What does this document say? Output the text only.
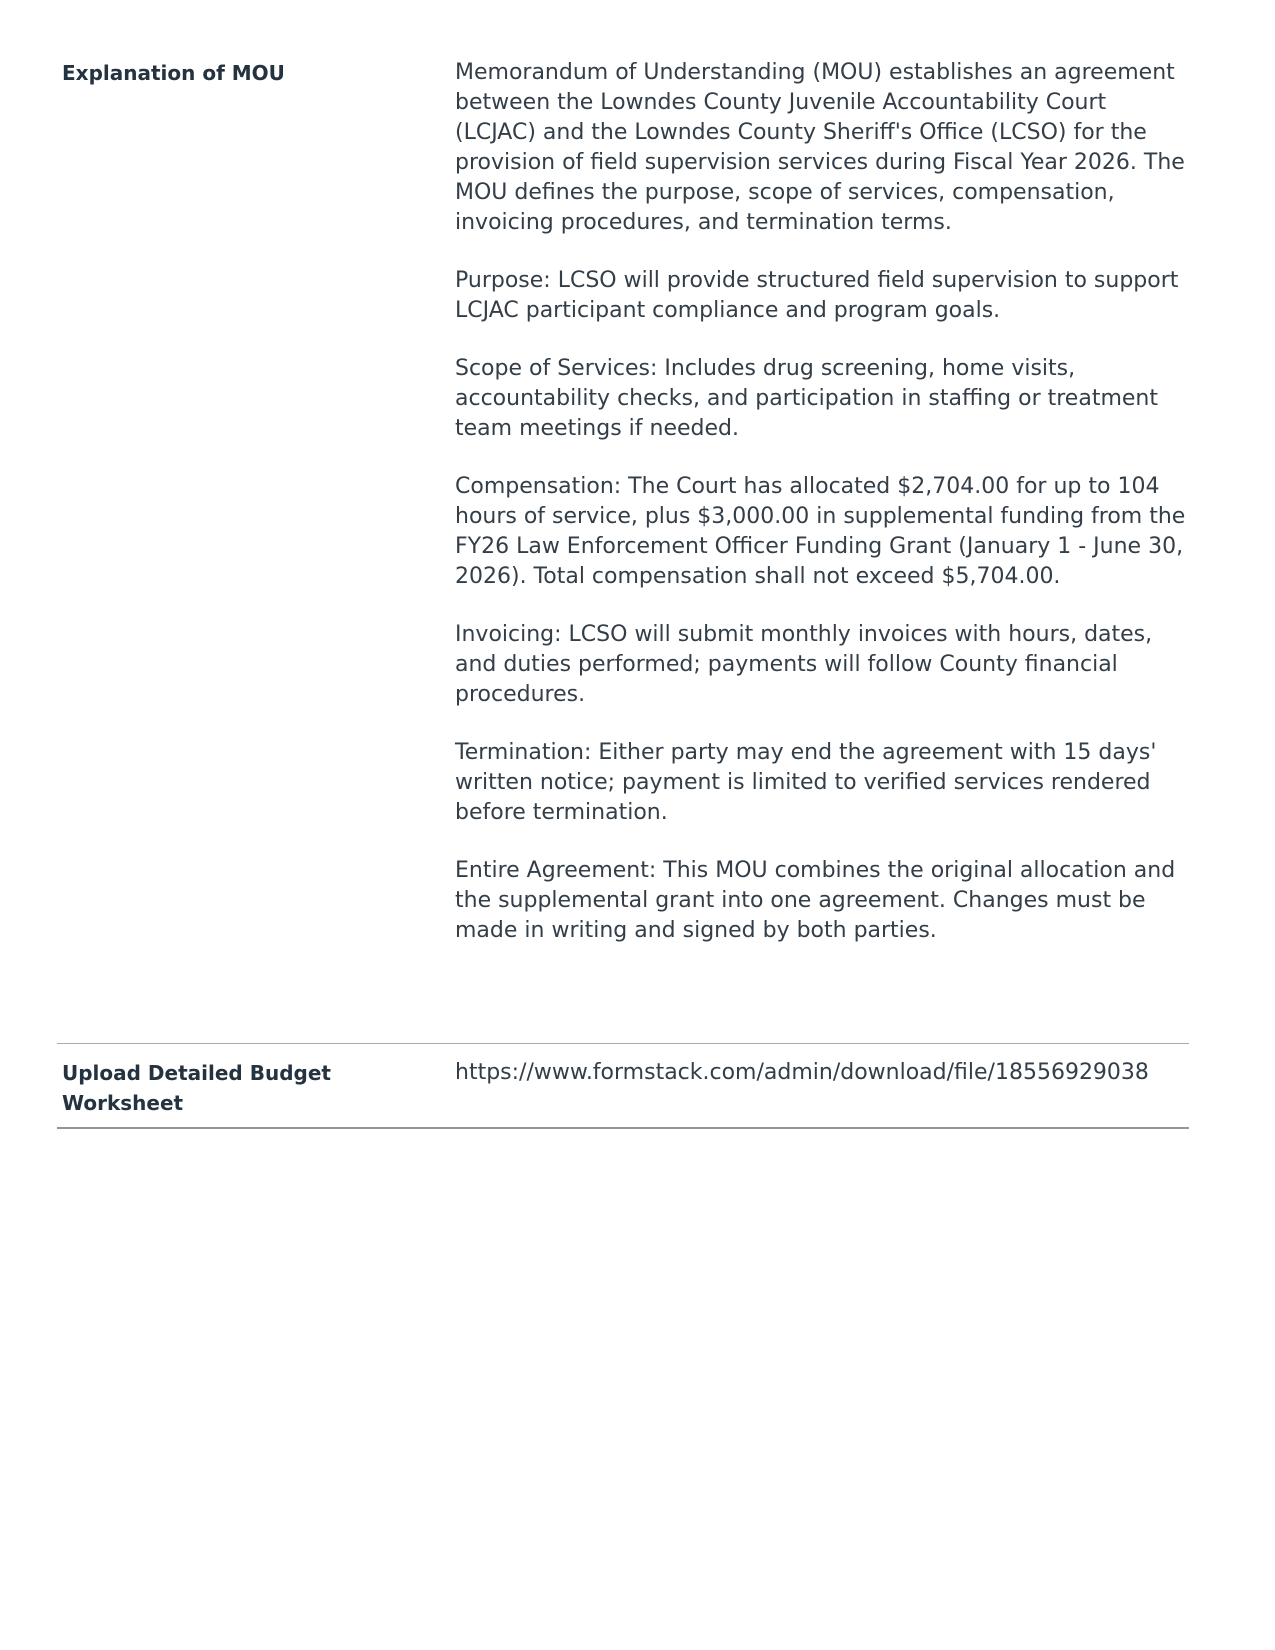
Explanation of MOU	Memorandum of Understanding (MOU) establishes an agreement between the Lowndes County Juvenile Accountability Court (LCJAC) and the Lowndes County Sheriff's Office (LCSO) for the provision of field supervision services during Fiscal Year 2026. The MOU defines the purpose, scope of services, compensation, invoicing procedures, and termination terms.

Purpose: LCSO will provide structured field supervision to support LCJAC participant compliance and program goals.

Scope of Services: Includes drug screening, home visits, accountability checks, and participation in staffing or treatment team meetings if needed.

Compensation: The Court has allocated $2,704.00 for up to 104 hours of service, plus $3,000.00 in supplemental funding from the FY26 Law Enforcement Officer Funding Grant (January 1 - June 30, 2026). Total compensation shall not exceed $5,704.00.

Invoicing: LCSO will submit monthly invoices with hours, dates, and duties performed; payments will follow County financial procedures.

Termination: Either party may end the agreement with 15 days' written notice; payment is limited to verified services rendered before termination.

Entire Agreement: This MOU combines the original allocation and the supplemental grant into one agreement. Changes must be made in writing and signed by both parties.

Upload Detailed Budget Worksheet
https://www.formstack.com/admin/download/file/18556929038
